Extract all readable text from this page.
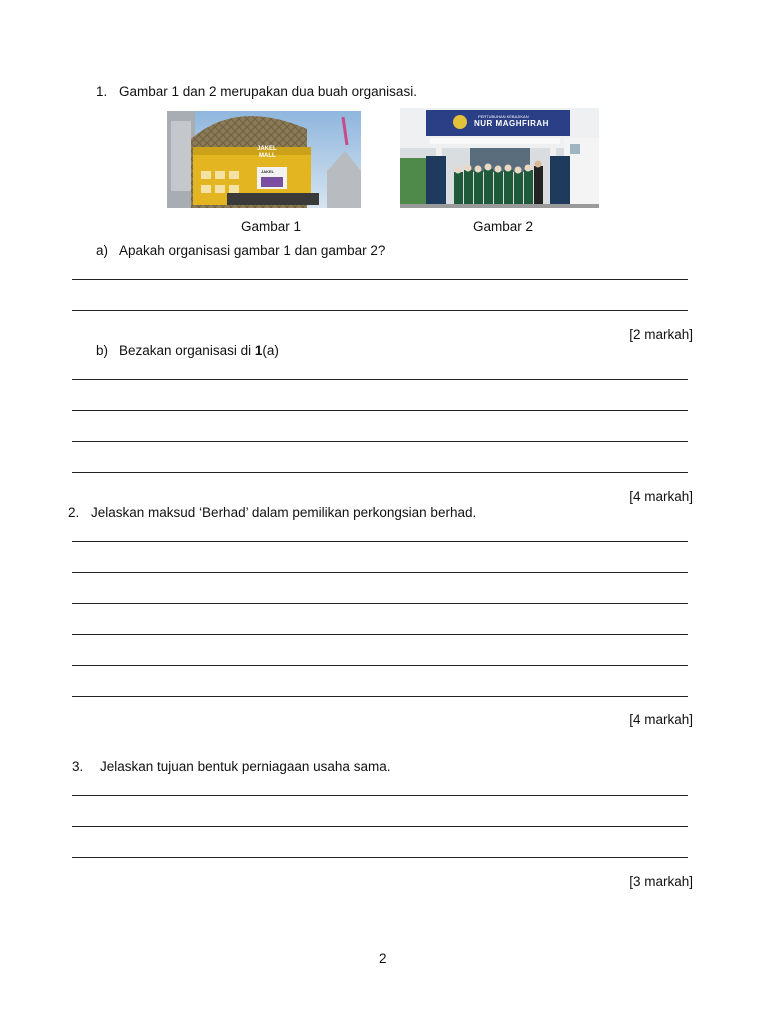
1. Gambar 1 dan 2 merupakan dua buah organisasi.
JAKEL
MALL
JAKEL
Gambar 1
PERTUBUHAN KEBAJIKAN
NUR MAGHFIRAH
Gambar 2
a) Apakah organisasi gambar 1 dan gambar 2?
[2 markah]
b) Bezakan organisasi di 1(a)
[4 markah]
2. Jelaskan maksud ‘Berhad’ dalam pemilikan perkongsian berhad.
[4 markah]
3. Jelaskan tujuan bentuk perniagaan usaha sama.
[3 markah]
2
